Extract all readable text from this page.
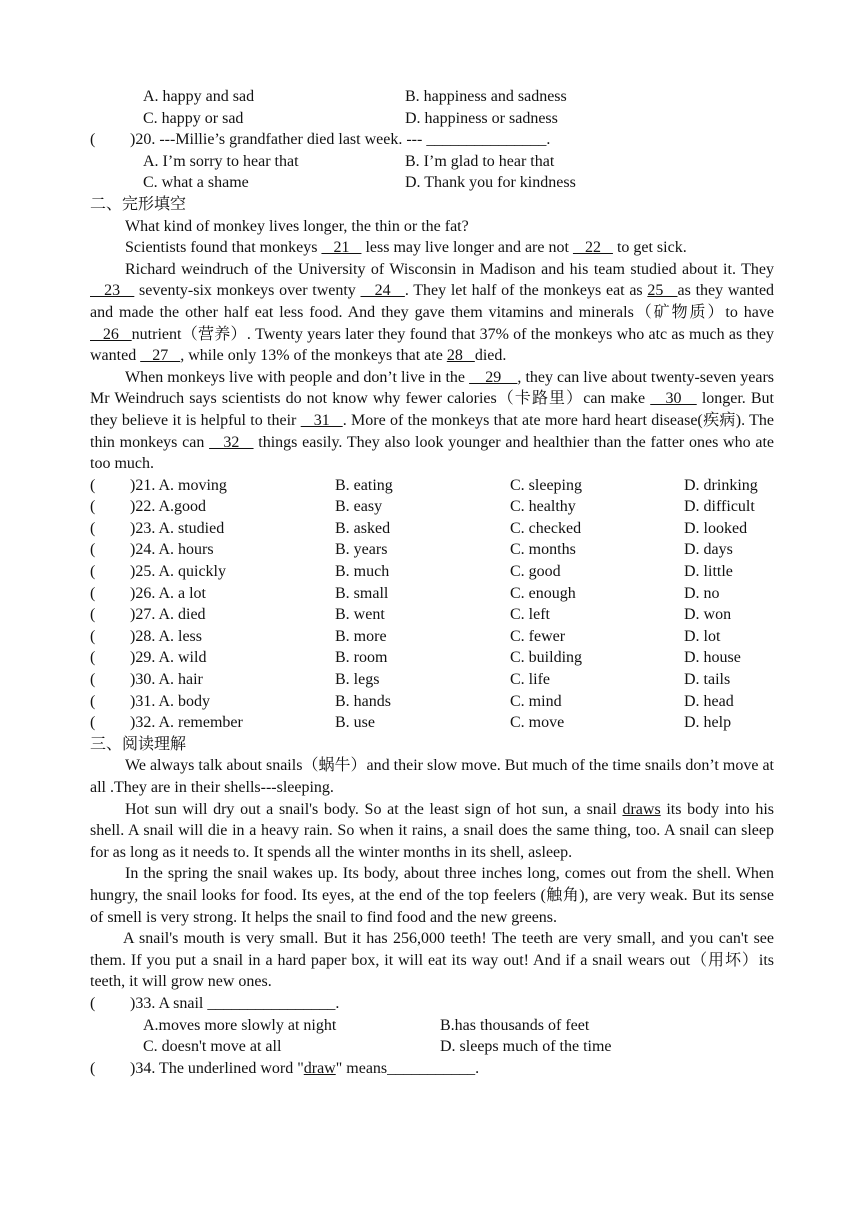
A. happy and sad	B. happiness and sadness
C. happy or sad	D. happiness or sadness
( )20. ---Millie’s grandfather died last week. --- _______________.
A. I’m sorry to hear that	B. I’m glad to hear that
C. what a shame	D. Thank you for kindness
二、完形填空
What kind of monkey lives longer, the thin or the fat?
Scientists found that monkeys    21    less may live longer and are not    22    to get sick.
Richard weindruch of the University of Wisconsin in Madison and his team studied about it. They    23    seventy-six monkeys over twenty    24   . They let half of the monkeys eat as 25   as they wanted and made the other half eat less food. And they gave them vitamins and minerals（矿物质）to have    26   nutrient（营养）. Twenty years later they found that 37% of the monkeys who atc as much as they wanted    27   , while only 13% of the monkeys that ate 28   died.
When monkeys live with people and don’t live in the     29    , they can live about twenty-seven years Mr Weindruch says scientists do not know why fewer calories（卡路里）can make    30    longer. But they believe it is helpful to their    31   . More of the monkeys that ate more hard heart disease(疾病). The thin monkeys can    32    things easily. They also look younger and healthier than the fatter ones who ate too much.
( )21. A. moving	B. eating	C. sleeping	D. drinking
( )22. A.good	B. easy	C. healthy	D. difficult
( )23. A. studied	B. asked	C. checked	D. looked
( )24. A. hours	B. years	C. months	D. days
( )25. A. quickly	B. much	C. good	D. little
( )26. A. a lot	B. small	C. enough	D. no
( )27. A. died	B. went	C. left	D. won
( )28. A. less	B. more	C. fewer	D. lot
( )29. A. wild	B. room	C. building	D. house
( )30. A. hair	B. legs	C. life	D. tails
( )31. A. body	B. hands	C. mind	D. head
( )32. A. remember	B. use	C. move	D. help
三、阅读理解
We always talk about snails（蜗牛）and their slow move. But much of the time snails don’t move at all .They are in their shells---sleeping.
Hot sun will dry out a snail's body. So at the least sign of hot sun, a snail draws its body into his shell. A snail will die in a heavy rain. So when it rains, a snail does the same thing, too. A snail can sleep for as long as it needs to. It spends all the winter months in its shell, asleep.
In the spring the snail wakes up. Its body, about three inches long, comes out from the shell. When hungry, the snail looks for food. Its eyes, at the end of the top feelers (触角), are very weak. But its sense of smell is very strong. It helps the snail to find food and the new greens.
A snail's mouth is very small. But it has 256,000 teeth! The teeth are very small, and you can't see them. If you put a snail in a hard paper box, it will eat its way out! And if a snail wears out（用坏）its teeth, it will grow new ones.
( )33. A snail ________________.
A.moves more slowly at night	B.has thousands of feet
C. doesn't move at all	D. sleeps much of the time
( )34. The underlined word "draw" means___________.
